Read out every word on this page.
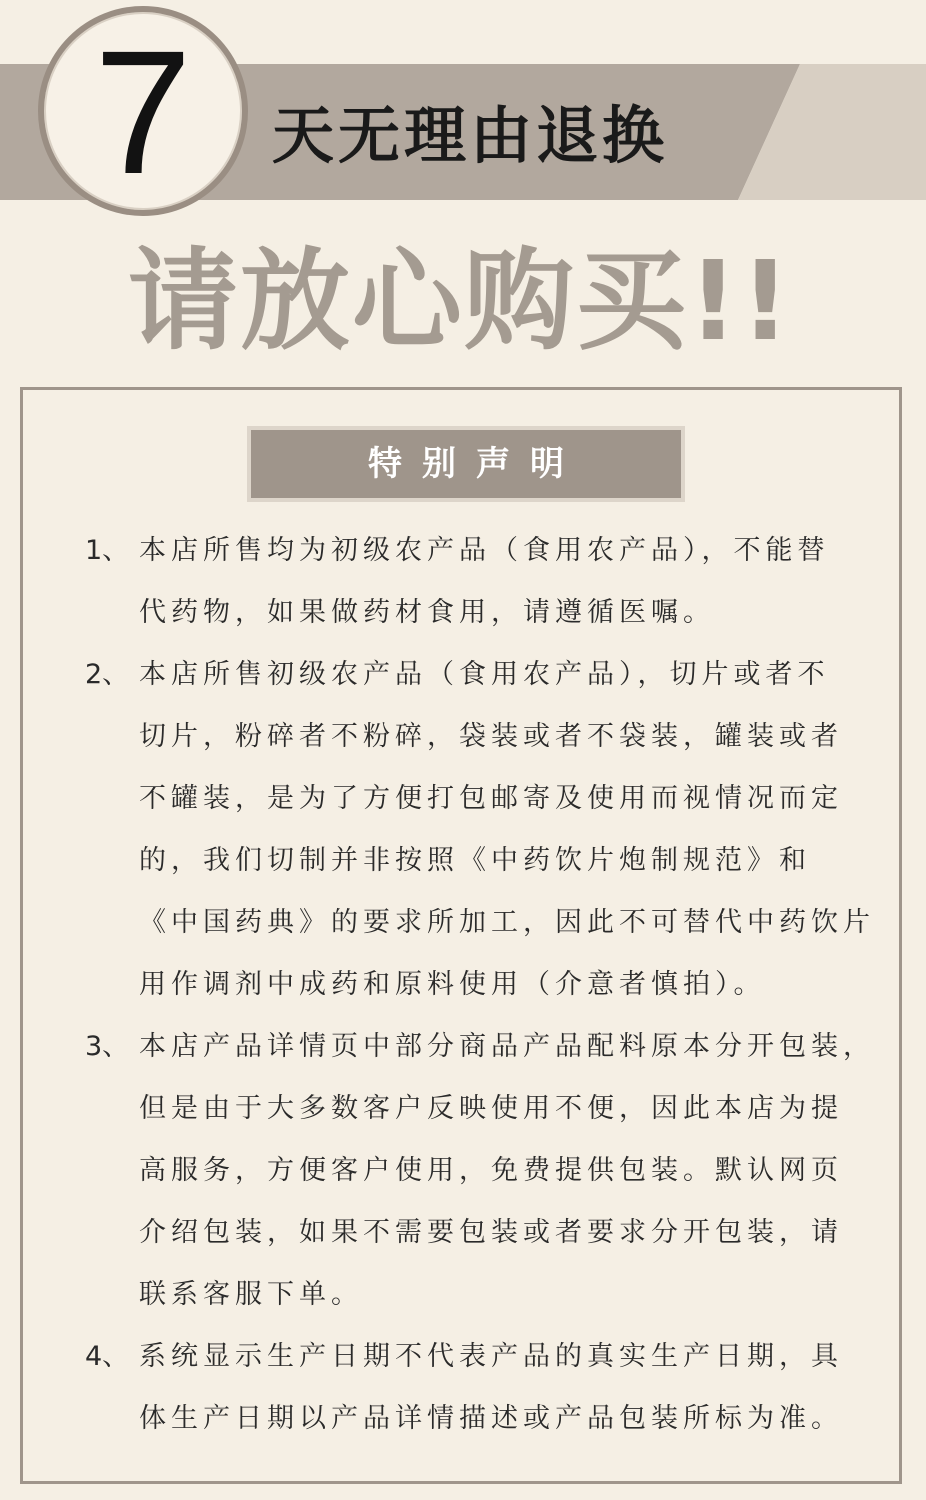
7 天无理由退换
请放心购买!!
特别声明
1、 本店所售均为初级农产品（食用农产品），不能替
代药物，如果做药材食用，请遵循医嘱。
2、 本店所售初级农产品（食用农产品），切片或者不
切片，粉碎者不粉碎，袋装或者不袋装，罐装或者
不罐装，是为了方便打包邮寄及使用而视情况而定
的，我们切制并非按照《中药饮片炮制规范》和
《中国药典》的要求所加工，因此不可替代中药饮片
用作调剂中成药和原料使用（介意者慎拍）。
3、 本店产品详情页中部分商品产品配料原本分开包装，
但是由于大多数客户反映使用不便，因此本店为提
高服务，方便客户使用，免费提供包装。默认网页
介绍包装，如果不需要包装或者要求分开包装，请
联系客服下单。
4、 系统显示生产日期不代表产品的真实生产日期，具
体生产日期以产品详情描述或产品包装所标为准。
